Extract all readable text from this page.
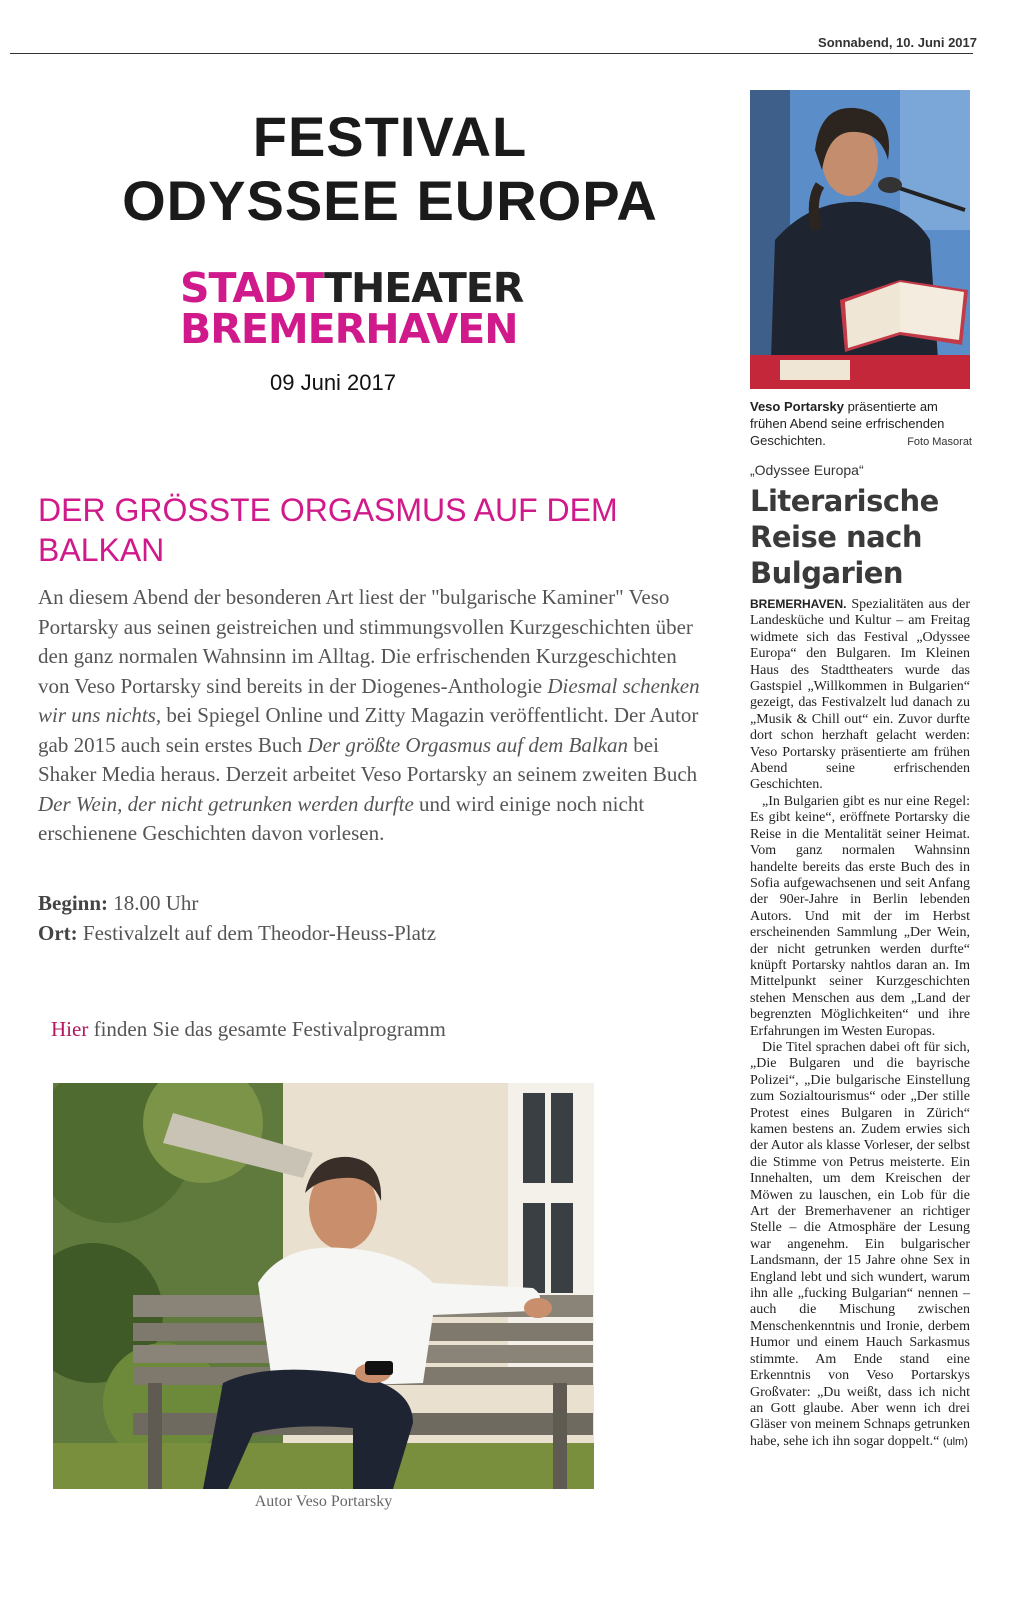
Sonnabend, 10. Juni 2017
FESTIVAL
ODYSSEE EUROPA
STADTTHEATER
BREMERHAVEN
09 Juni 2017
DER GRÖSSTE ORGASMUS AUF DEM BALKAN
An diesem Abend der besonderen Art liest der "bulgarische Kaminer" Veso Portarsky aus seinen geistreichen und stimmungsvollen Kurzgeschichten über den ganz normalen Wahnsinn im Alltag. Die erfrischenden Kurzgeschichten von Veso Portarsky sind bereits in der Diogenes-Anthologie Diesmal schenken wir uns nichts, bei Spiegel Online und Zitty Magazin veröffentlicht. Der Autor gab 2015 auch sein erstes Buch Der größte Orgasmus auf dem Balkan bei Shaker Media heraus. Derzeit arbeitet Veso Portarsky an seinem zweiten Buch Der Wein, der nicht getrunken werden durfte und wird einige noch nicht erschienene Geschichten davon vorlesen.
Beginn: 18.00 Uhr
Ort: Festivalzelt auf dem Theodor-Heuss-Platz
Hier finden Sie das gesamte Festivalprogramm
Autor Veso Portarsky
Veso Portarsky präsentierte am frühen Abend seine erfrischenden Geschichten.	Foto Masorat
„Odyssee Europa“
Literarische Reise nach Bulgarien

BREMERHAVEN. Spezialitäten aus der Landesküche und Kultur – am Freitag widmete sich das Festival „Odyssee Europa“ den Bulgaren. Im Kleinen Haus des Stadttheaters wurde das Gastspiel „Willkommen in Bulgarien“ gezeigt, das Festivalzelt lud danach zu „Musik & Chill out“ ein. Zuvor durfte dort schon herzhaft gelacht werden: Veso Portarsky präsentierte am frühen Abend seine erfrischenden Geschichten.

„In Bulgarien gibt es nur eine Regel: Es gibt keine“, eröffnete Portarsky die Reise in die Mentalität seiner Heimat. Vom ganz normalen Wahnsinn handelte bereits das erste Buch des in Sofia aufgewachsenen und seit Anfang der 90er-Jahre in Berlin lebenden Autors. Und mit der im Herbst erscheinenden Sammlung „Der Wein, der nicht getrunken werden durfte“ knüpft Portarsky nahtlos daran an. Im Mittelpunkt seiner Kurzgeschichten stehen Menschen aus dem „Land der begrenzten Möglichkeiten“ und ihre Erfahrungen im Westen Europas.

Die Titel sprachen dabei oft für sich, „Die Bulgaren und die bayrische Polizei“, „Die bulgarische Einstellung zum Sozialtourismus“ oder „Der stille Protest eines Bulgaren in Zürich“ kamen bestens an. Zudem erwies sich der Autor als klasse Vorleser, der selbst die Stimme von Petrus meisterte. Ein Innehalten, um dem Kreischen der Möwen zu lauschen, ein Lob für die Art der Bremerhavener an richtiger Stelle – die Atmosphäre der Lesung war angenehm. Ein bulgarischer Landsmann, der 15 Jahre ohne Sex in England lebt und sich wundert, warum ihn alle „fucking Bulgarian“ nennen – auch die Mischung zwischen Menschenkenntnis und Ironie, derbem Humor und einem Hauch Sarkasmus stimmte. Am Ende stand eine Erkenntnis von Veso Portarskys Großvater: „Du weißt, dass ich nicht an Gott glaube. Aber wenn ich drei Gläser von meinem Schnaps getrunken habe, sehe ich ihn sogar doppelt.“ (ulm)
